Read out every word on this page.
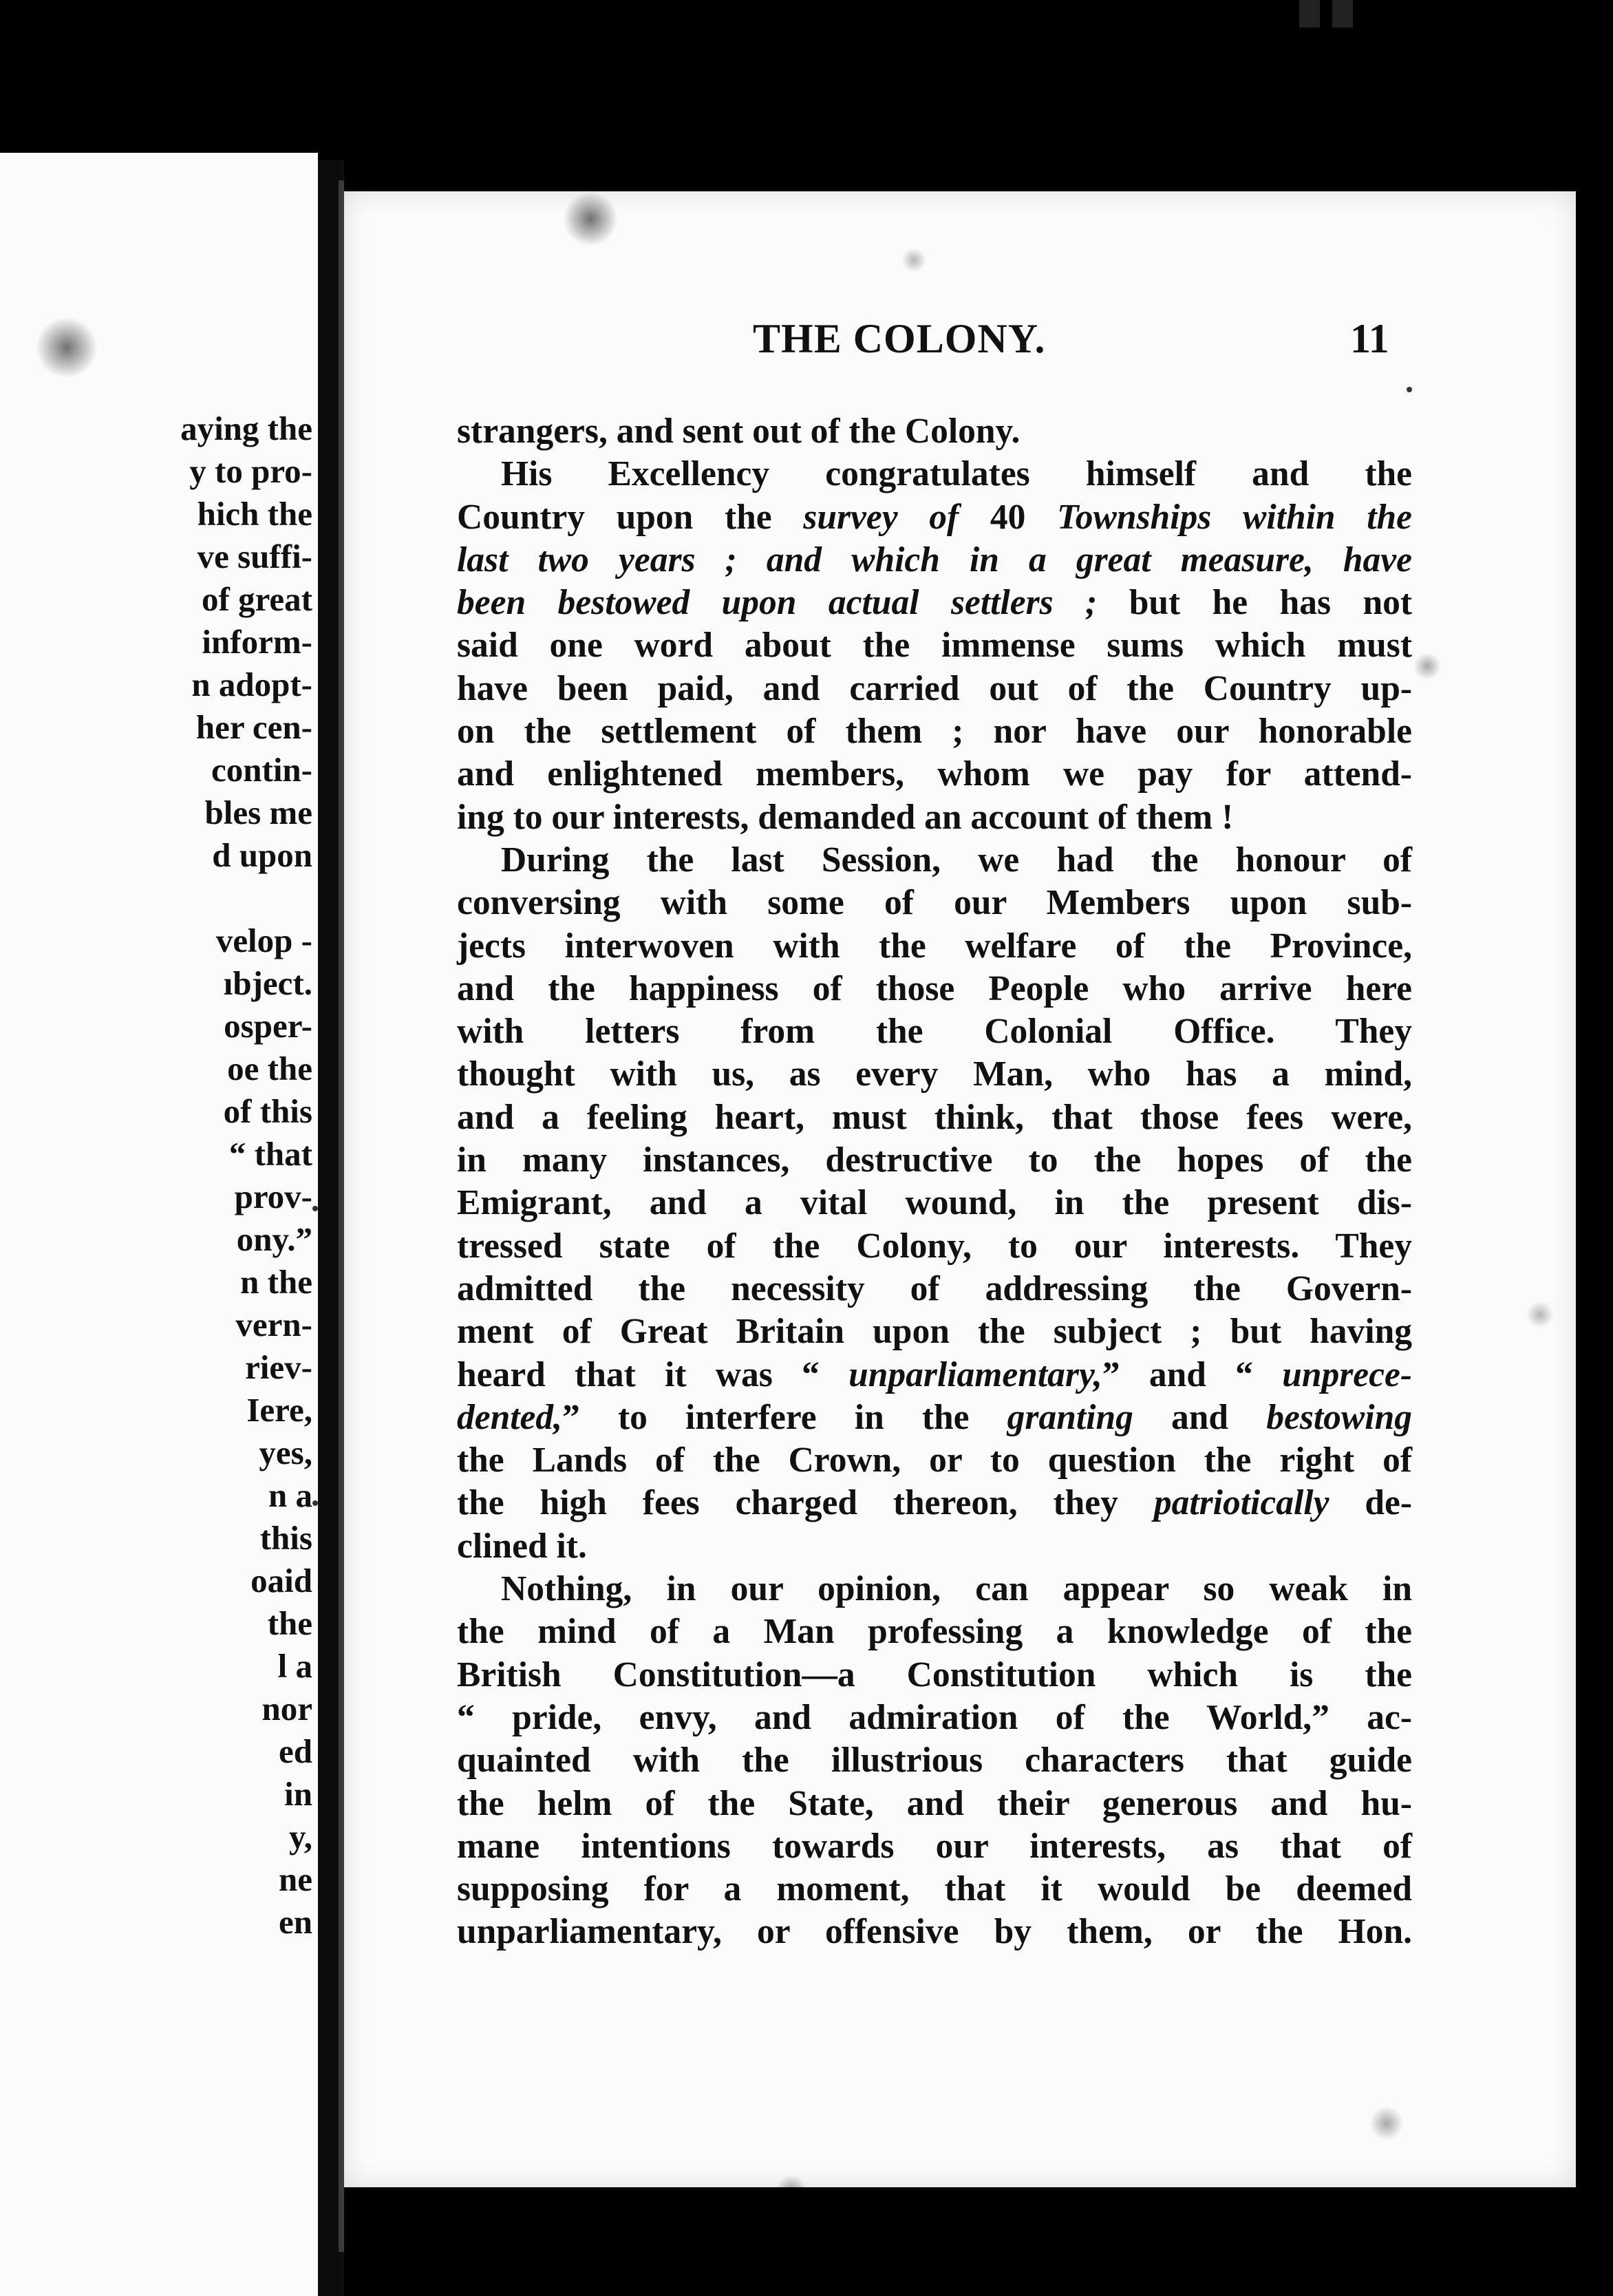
aying the
y to pro-
hich the
ve suffi-
of great
inform-
n adopt-
her cen-
contin-
bles me
d upon
velop -
ıbject.
osper-
oe the
of this
“ that
prov-
ony.”
n the
vern-
riev-
Iere,
yes,
n a
this
oaid
the
l a
nor
ed
in
y,
ne
en
THE COLONY.	11
strangers, and sent out of the Colony.
His Excellency congratulates himself and the
Country upon the survey of 40 Townships within the
last two years ; and which in a great measure, have
been bestowed upon actual settlers ; but he has not
said one word about the immense sums which must
have been paid, and carried out of the Country up-
on the settlement of them ; nor have our honorable
and enlightened members, whom we pay for attend-
ing to our interests, demanded an account of them !
During the last Session, we had the honour of
conversing with some of our Members upon sub-
jects interwoven with the welfare of the Province,
and the happiness of those People who arrive here
with letters from the Colonial Office. They
thought with us, as every Man, who has a mind,
and a feeling heart, must think, that those fees were,
in many instances, destructive to the hopes of the
Emigrant, and a vital wound, in the present dis-
tressed state of the Colony, to our interests. They
admitted the necessity of addressing the Govern-
ment of Great Britain upon the subject ; but having
heard that it was “ unparliamentary,” and “ unprece-
dented,” to interfere in the granting and bestowing
the Lands of the Crown, or to question the right of
the high fees charged thereon, they patriotically de-
clined it.
Nothing, in our opinion, can appear so weak in
the mind of a Man professing a knowledge of the
British Constitution—a Constitution which is the
“ pride, envy, and admiration of the World,” ac-
quainted with the illustrious characters that guide
the helm of the State, and their generous and hu-
mane intentions towards our interests, as that of
supposing for a moment, that it would be deemed
unparliamentary, or offensive by them, or the Hon.
